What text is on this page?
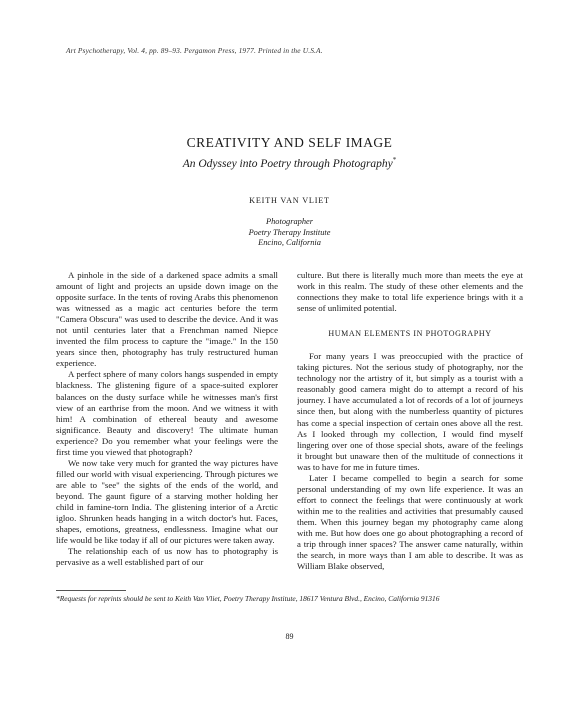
Art Psychotherapy, Vol. 4, pp. 89–93. Pergamon Press, 1977. Printed in the U.S.A.
CREATIVITY AND SELF IMAGE
An Odyssey into Poetry through Photography*
KEITH VAN VLIET
Photographer
Poetry Therapy Institute
Encino, California

A pinhole in the side of a darkened space admits a small amount of light and projects an upside down image on the opposite surface. In the tents of roving Arabs this phenomenon was witnessed as a magic act centuries before the term "Camera Obscura" was used to describe the device. And it was not until centuries later that a Frenchman named Niepce invented the film process to capture the "image." In the 150 years since then, photography has truly restructured human experience.

A perfect sphere of many colors hangs suspended in empty blackness. The glistening figure of a space-suited explorer balances on the dusty surface while he witnesses man's first view of an earthrise from the moon. And we witness it with him! A combination of ethereal beauty and awesome significance. Beauty and discovery! The ultimate human experience? Do you remember what your feelings were the first time you viewed that photograph?

We now take very much for granted the way pictures have filled our world with visual experiencing. Through pictures we are able to "see" the sights of the ends of the world, and beyond. The gaunt figure of a starving mother holding her child in famine-torn India. The glistening interior of a Arctic igloo. Shrunken heads hanging in a witch doctor's hut. Faces, shapes, emotions, greatness, endlessness. Imagine what our life would be like today if all of our pictures were taken away.

The relationship each of us now has to photography is pervasive as a well established part of our

culture. But there is literally much more than meets the eye at work in this realm. The study of these other elements and the connections they make to total life experience brings with it a sense of unlimited potential.

HUMAN ELEMENTS IN PHOTOGRAPHY

For many years I was preoccupied with the practice of taking pictures. Not the serious study of photography, nor the technology nor the artistry of it, but simply as a tourist with a reasonably good camera might do to attempt a record of his journey. I have accumulated a lot of records of a lot of journeys since then, but along with the numberless quantity of pictures has come a special inspection of certain ones above all the rest. As I looked through my collection, I would find myself lingering over one of those special shots, aware of the feelings it brought but unaware then of the multitude of connections it was to have for me in future times.

Later I became compelled to begin a search for some personal understanding of my own life experience. It was an effort to connect the feelings that were continuously at work within me to the realities and activities that presumably caused them. When this journey began my photography came along with me. But how does one go about photographing a record of a trip through inner spaces? The answer came naturally, within the search, in more ways than I am able to describe. It was as William Blake observed,

*Requests for reprints should be sent to Keith Van Vliet, Poetry Therapy Institute, 18617 Ventura Blvd., Encino, California 91316
89
